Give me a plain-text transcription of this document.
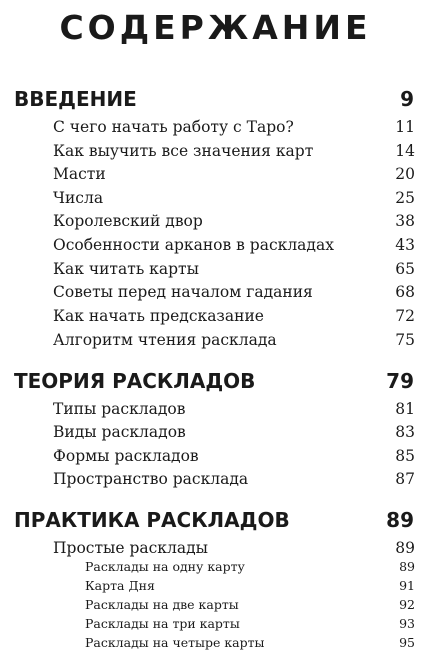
СОДЕРЖАНИЕ
ВВЕДЕНИЕ	9
С чего начать работу с Таро?	11
Как выучить все значения карт	14
Масти	20
Числа	25
Королевский двор	38
Особенности арканов в раскладах	43
Как читать карты	65
Советы перед началом гадания	68
Как начать предсказание	72
Алгоритм чтения расклада	75
ТЕОРИЯ РАСКЛАДОВ	79
Типы раскладов	81
Виды раскладов	83
Формы раскладов	85
Пространство расклада	87
ПРАКТИКА РАСКЛАДОВ	89
Простые расклады	89
Расклады на одну карту	89
Карта Дня	91
Расклады на две карты	92
Расклады на три карты	93
Расклады на четыре карты	95
